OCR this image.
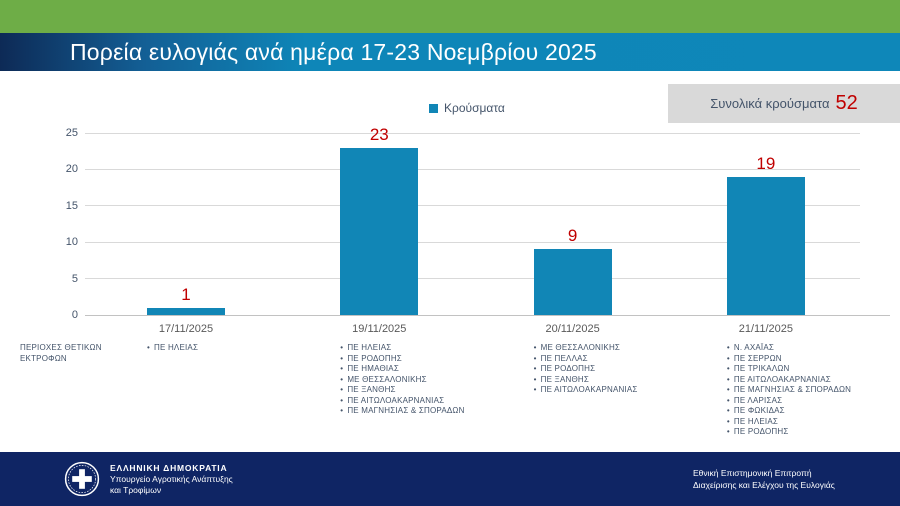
Πορεία ευλογιάς ανά ημέρα 17-23 Νοεμβρίου 2025
Κρούσματα	Συνολικά κρούσματα 52
0
5
10
15
20
25
1
17/11/2025
23
19/11/2025
9
20/11/2025
19
21/11/2025
ΠΕΡΙΟΧΕΣ ΘΕΤΙΚΩΝ ΕΚΤΡΟΦΩΝ
• ΠΕ ΗΛΕΙΑΣ	• ΠΕ ΗΛΕΙΑΣ
• ΠΕ ΡΟΔΟΠΗΣ
• ΠΕ ΗΜΑΘΙΑΣ
• ΜΕ ΘΕΣΣΑΛΟΝΙΚΗΣ
• ΠΕ ΞΑΝΘΗΣ
• ΠΕ ΑΙΤΩΛΟΑΚΑΡΝΑΝΙΑΣ
• ΠΕ ΜΑΓΝΗΣΙΑΣ & ΣΠΟΡΑΔΩΝ
• ΜΕ ΘΕΣΣΑΛΟΝΙΚΗΣ
• ΠΕ ΠΕΛΛΑΣ
• ΠΕ ΡΟΔΟΠΗΣ
• ΠΕ ΞΑΝΘΗΣ
• ΠΕ ΑΙΤΩΛΟΑΚΑΡΝΑΝΙΑΣ
• Ν. ΑΧΑΪΑΣ
• ΠΕ ΣΕΡΡΩΝ
• ΠΕ ΤΡΙΚΑΛΩΝ
• ΠΕ ΑΙΤΩΛΟΑΚΑΡΝΑΝΙΑΣ
• ΠΕ ΜΑΓΝΗΣΙΑΣ & ΣΠΟΡΑΔΩΝ
• ΠΕ ΛΑΡΙΣΑΣ
• ΠΕ ΦΩΚΙΔΑΣ
• ΠΕ ΗΛΕΙΑΣ
• ΠΕ ΡΟΔΟΠΗΣ
ΕΛΛΗΝΙΚΗ ΔΗΜΟΚΡΑΤΙΑ
Υπουργείο Αγροτικής Ανάπτυξης
και Τροφίμων
Εθνική Επιστημονική Επιτροπή
Διαχείρισης και Ελέγχου της Ευλογιάς
